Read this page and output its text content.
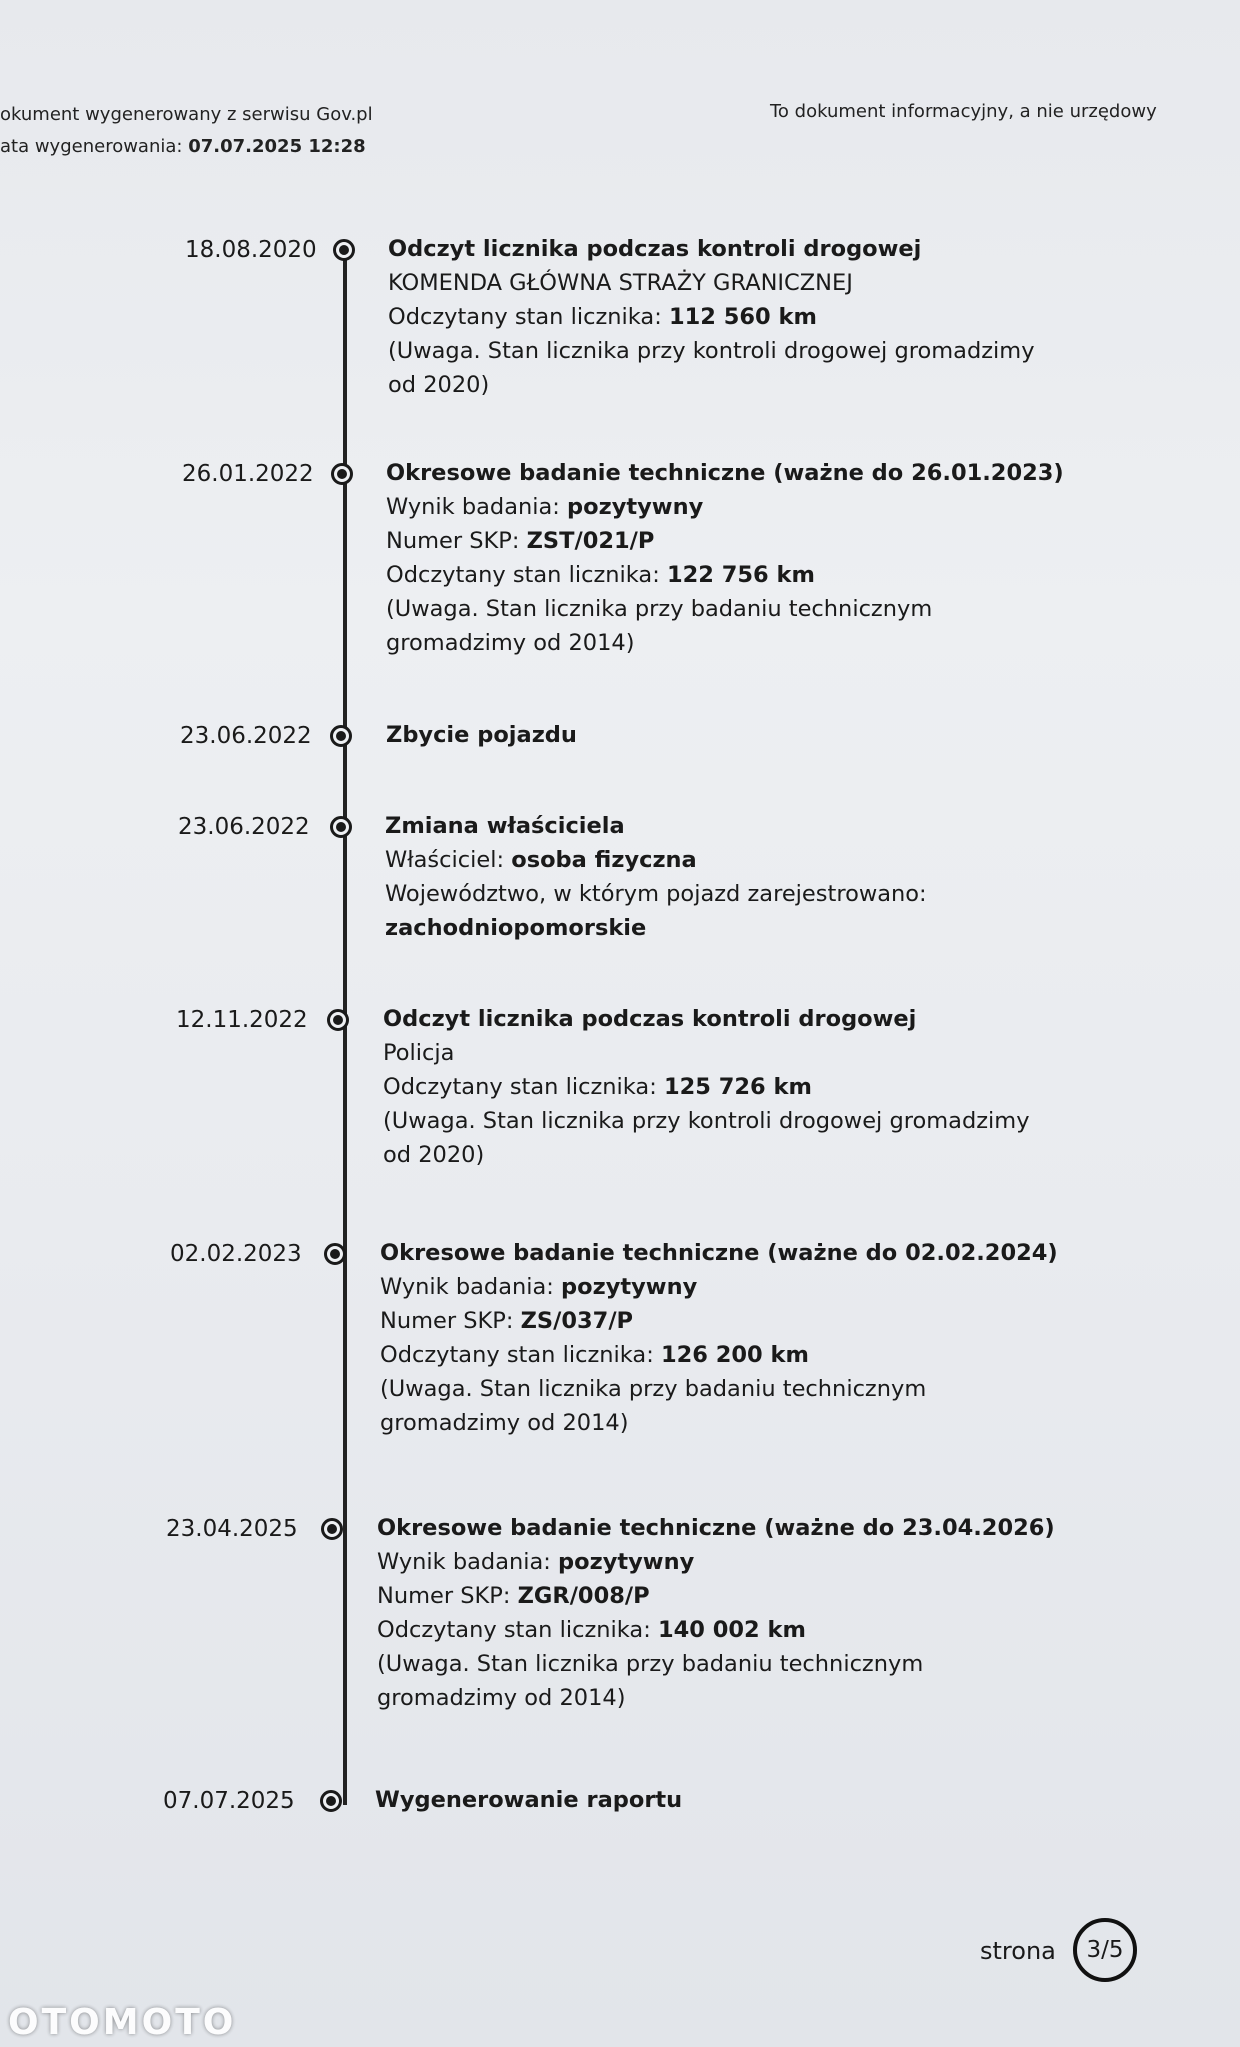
okument wygenerowany z serwisu Gov.pl
ata wygenerowania: 07.07.2025 12:28
To dokument informacyjny, a nie urzędowy
strona 3/5
OTOMOTO
18.08.2020	Odczyt licznika podczas kontroli drogowej
KOMENDA GŁÓWNA STRAŻY GRANICZNEJ
Odczytany stan licznika: 112 560 km
(Uwaga. Stan licznika przy kontroli drogowej gromadzimy od 2020)
26.01.2022	Okresowe badanie techniczne (ważne do 26.01.2023)
Wynik badania: pozytywny
Numer SKP: ZST/021/P
Odczytany stan licznika: 122 756 km
(Uwaga. Stan licznika przy badaniu technicznym gromadzimy od 2014)
23.06.2022	Zbycie pojazdu
23.06.2022	Zmiana właściciela
Właściciel: osoba fizyczna
Województwo, w którym pojazd zarejestrowano:
zachodniopomorskie
12.11.2022	Odczyt licznika podczas kontroli drogowej
Policja
Odczytany stan licznika: 125 726 km
(Uwaga. Stan licznika przy kontroli drogowej gromadzimy od 2020)
02.02.2023	Okresowe badanie techniczne (ważne do 02.02.2024)
Wynik badania: pozytywny
Numer SKP: ZS/037/P
Odczytany stan licznika: 126 200 km
(Uwaga. Stan licznika przy badaniu technicznym gromadzimy od 2014)
23.04.2025	Okresowe badanie techniczne (ważne do 23.04.2026)
Wynik badania: pozytywny
Numer SKP: ZGR/008/P
Odczytany stan licznika: 140 002 km
(Uwaga. Stan licznika przy badaniu technicznym gromadzimy od 2014)
07.07.2025	Wygenerowanie raportu
